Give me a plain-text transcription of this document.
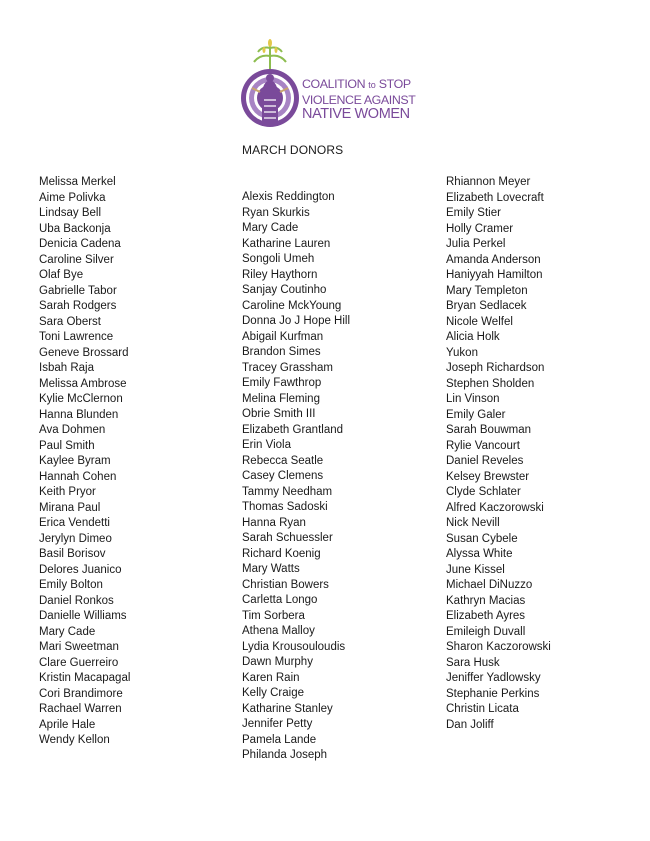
COALITION to STOP
VIOLENCE AGAINST
NATIVE WOMEN
MARCH DONORS
Melissa Merkel
Aime Polivka
Lindsay Bell
Uba Backonja
Denicia Cadena
Caroline Silver
Olaf Bye
Gabrielle Tabor
Sarah Rodgers
Sara Oberst
Toni Lawrence
Geneve Brossard
Isbah Raja
Melissa Ambrose
Kylie McClernon
Hanna Blunden
Ava Dohmen
Paul Smith
Kaylee Byram
Hannah Cohen
Keith Pryor
Mirana Paul
Erica Vendetti
Jerylyn Dimeo
Basil Borisov
Delores Juanico
Emily Bolton
Daniel Ronkos
Danielle Williams
Mary Cade
Mari Sweetman
Clare Guerreiro
Kristin Macapagal
Cori Brandimore
Rachael Warren
Aprile Hale
Wendy Kellon
Alexis Reddington
Ryan Skurkis
Mary Cade
Katharine Lauren
Songoli Umeh
Riley Haythorn
Sanjay Coutinho
Caroline MckYoung
Donna Jo J Hope Hill
Abigail Kurfman
Brandon Simes
Tracey Grassham
Emily Fawthrop
Melina Fleming
Obrie Smith III
Elizabeth Grantland
Erin Viola
Rebecca Seatle
Casey Clemens
Tammy Needham
Thomas Sadoski
Hanna Ryan
Sarah Schuessler
Richard Koenig
Mary Watts
Christian Bowers
Carletta Longo
Tim Sorbera
Athena Malloy
Lydia Krousouloudis
Dawn Murphy
Karen Rain
Kelly Craige
Katharine Stanley
Jennifer Petty
Pamela Lande
Philanda Joseph
Rhiannon Meyer
Elizabeth Lovecraft
Emily Stier
Holly Cramer
Julia Perkel
Amanda Anderson
Haniyyah Hamilton
Mary Templeton
Bryan Sedlacek
Nicole Welfel
Alicia Holk
Yukon
Joseph Richardson
Stephen Sholden
Lin Vinson
Emily Galer
Sarah Bouwman
Rylie Vancourt
Daniel Reveles
Kelsey Brewster
Clyde Schlater
Alfred Kaczorowski
Nick Nevill
Susan Cybele
Alyssa White
June Kissel
Michael DiNuzzo
Kathryn Macias
Elizabeth Ayres
Emileigh Duvall
Sharon Kaczorowski
Sara Husk
Jeniffer Yadlowsky
Stephanie Perkins
Christin Licata
Dan Joliff
